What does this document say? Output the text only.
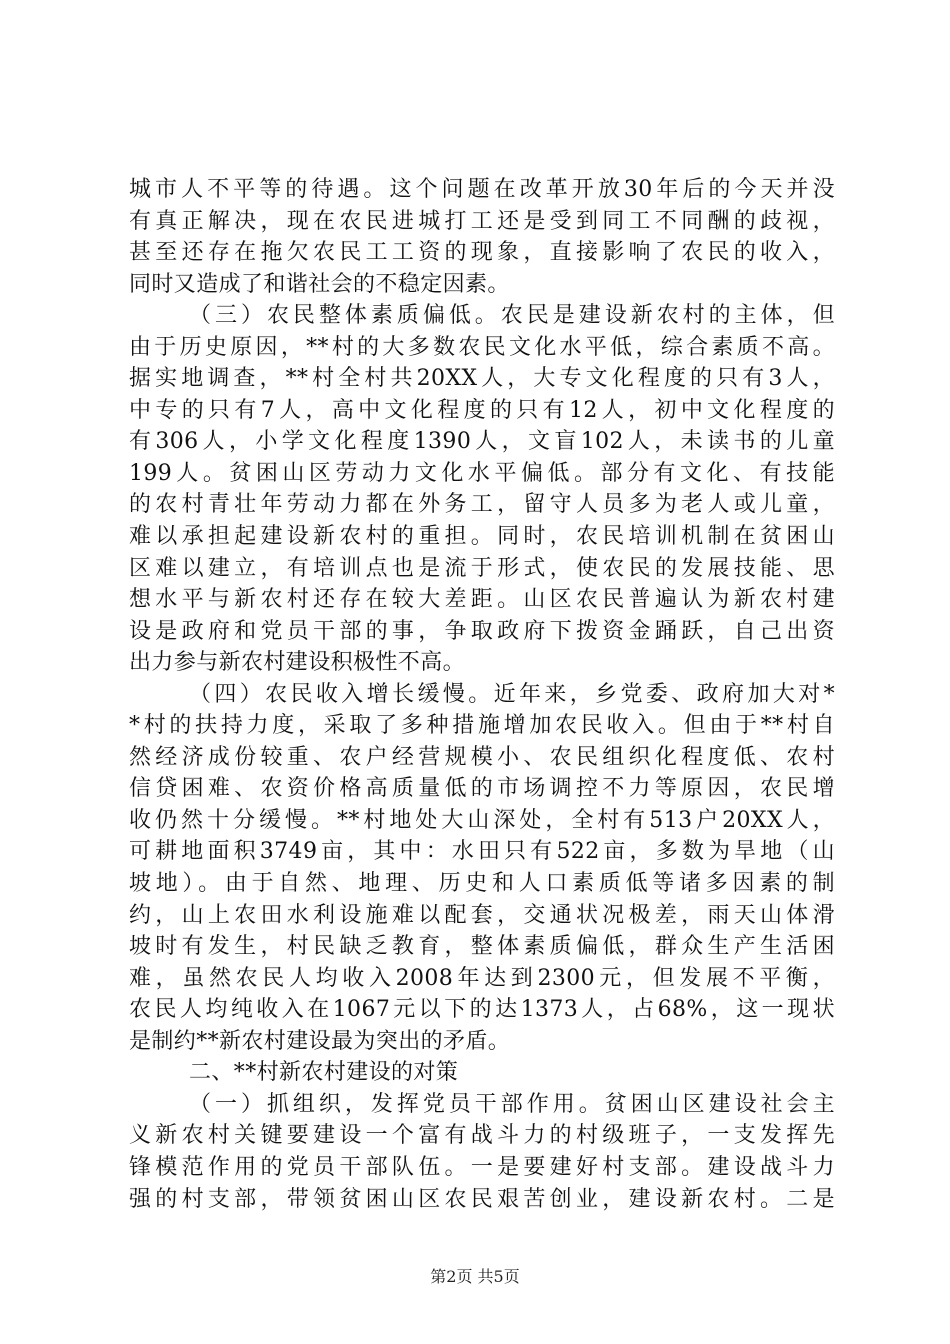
城市人不平等的待遇。这个问题在改革开放30年后的今天并没
有真正解决，现在农民进城打工还是受到同工不同酬的歧视，
甚至还存在拖欠农民工工资的现象，直接影响了农民的收入，
同时又造成了和谐社会的不稳定因素。
（三）农民整体素质偏低。农民是建设新农村的主体，但
由于历史原因，**村的大多数农民文化水平低，综合素质不高。
据实地调查，**村全村共20XX人，大专文化程度的只有3人，
中专的只有7人，高中文化程度的只有12人，初中文化程度的
有306人，小学文化程度1390人，文盲102人，未读书的儿童
199人。贫困山区劳动力文化水平偏低。部分有文化、有技能
的农村青壮年劳动力都在外务工，留守人员多为老人或儿童，
难以承担起建设新农村的重担。同时，农民培训机制在贫困山
区难以建立，有培训点也是流于形式，使农民的发展技能、思
想水平与新农村还存在较大差距。山区农民普遍认为新农村建
设是政府和党员干部的事，争取政府下拨资金踊跃，自己出资
出力参与新农村建设积极性不高。
（四）农民收入增长缓慢。近年来，乡党委、政府加大对*
*村的扶持力度，采取了多种措施增加农民收入。但由于**村自
然经济成份较重、农户经营规模小、农民组织化程度低、农村
信贷困难、农资价格高质量低的市场调控不力等原因，农民增
收仍然十分缓慢。**村地处大山深处，全村有513户20XX人，
可耕地面积3749亩，其中：水田只有522亩，多数为旱地（山
坡地）。由于自然、地理、历史和人口素质低等诸多因素的制
约，山上农田水利设施难以配套，交通状况极差，雨天山体滑
坡时有发生，村民缺乏教育，整体素质偏低，群众生产生活困
难，虽然农民人均收入2008年达到2300元，但发展不平衡，
农民人均纯收入在1067元以下的达1373人，占68%，这一现状
是制约**新农村建设最为突出的矛盾。
二、**村新农村建设的对策
（一）抓组织，发挥党员干部作用。贫困山区建设社会主
义新农村关键要建设一个富有战斗力的村级班子，一支发挥先
锋模范作用的党员干部队伍。一是要建好村支部。建设战斗力
强的村支部，带领贫困山区农民艰苦创业，建设新农村。二是
第2页 共5页
